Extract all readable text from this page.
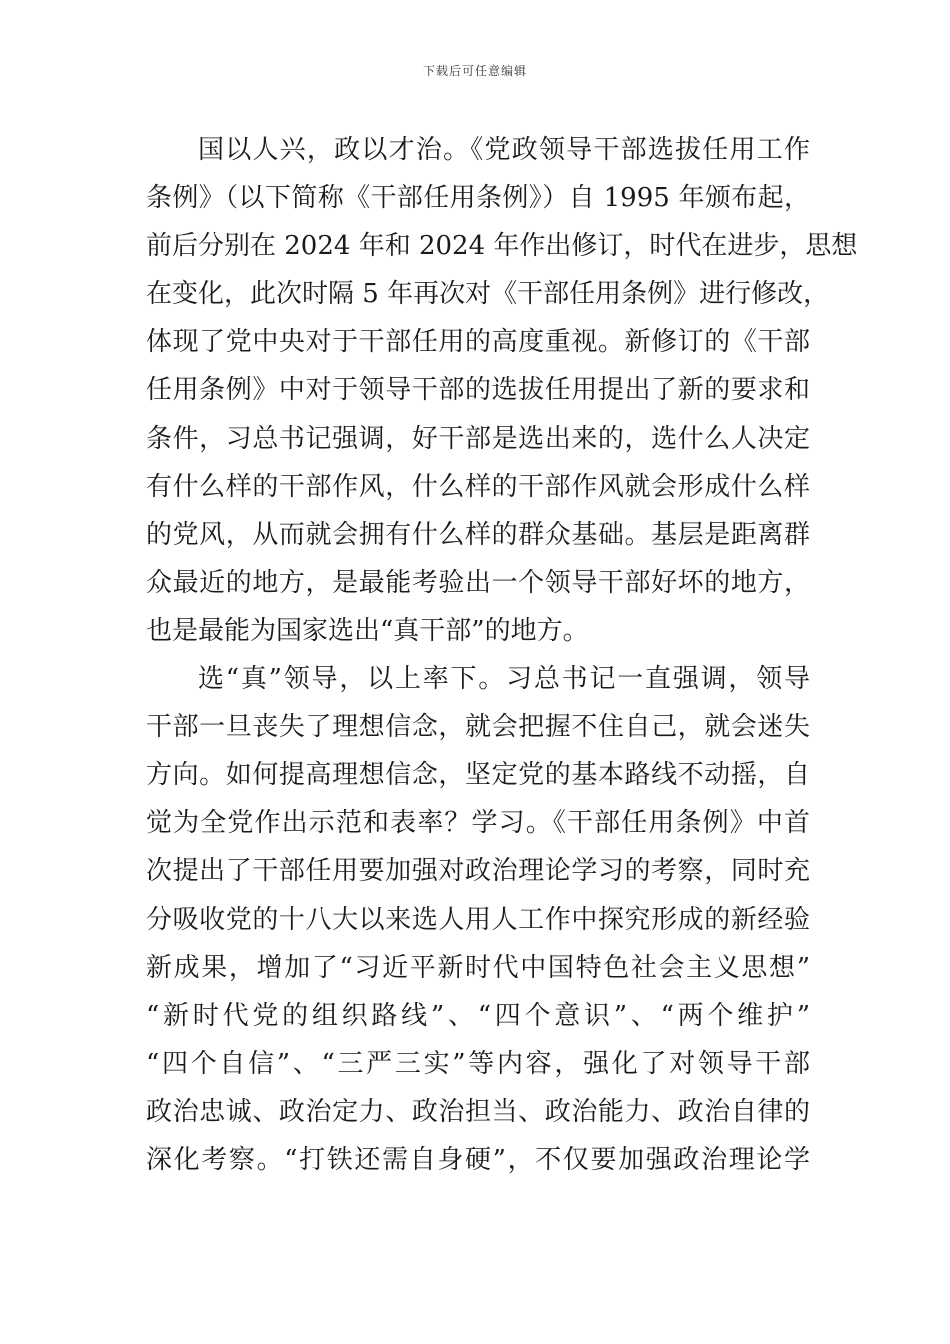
下载后可任意编辑
国以人兴，政以才治。《党政领导干部选拔任用工作
条例》（以下简称《干部任用条例》）自 1995 年颁布起，
前后分别在 2024 年和 2024 年作出修订，时代在进步，思想
在变化，此次时隔 5 年再次对《干部任用条例》进行修改，
体现了党中央对于干部任用的高度重视。新修订的《干部
任用条例》中对于领导干部的选拔任用提出了新的要求和
条件，习总书记强调，好干部是选出来的，选什么人决定
有什么样的干部作风，什么样的干部作风就会形成什么样
的党风，从而就会拥有什么样的群众基础。基层是距离群
众最近的地方，是最能考验出一个领导干部好坏的地方，
也是最能为国家选出“真干部”的地方。
选“真”领导，以上率下。习总书记一直强调，领导
干部一旦丧失了理想信念，就会把握不住自己，就会迷失
方向。如何提高理想信念，坚定党的基本路线不动摇，自
觉为全党作出示范和表率？学习。《干部任用条例》中首
次提出了干部任用要加强对政治理论学习的考察，同时充
分吸收党的十八大以来选人用人工作中探究形成的新经验
新成果，增加了“习近平新时代中国特色社会主义思想”
“新时代党的组织路线”、“四个意识”、“两个维护”
“四个自信”、“三严三实”等内容，强化了对领导干部
政治忠诚、政治定力、政治担当、政治能力、政治自律的
深化考察。“打铁还需自身硬”，不仅要加强政治理论学
